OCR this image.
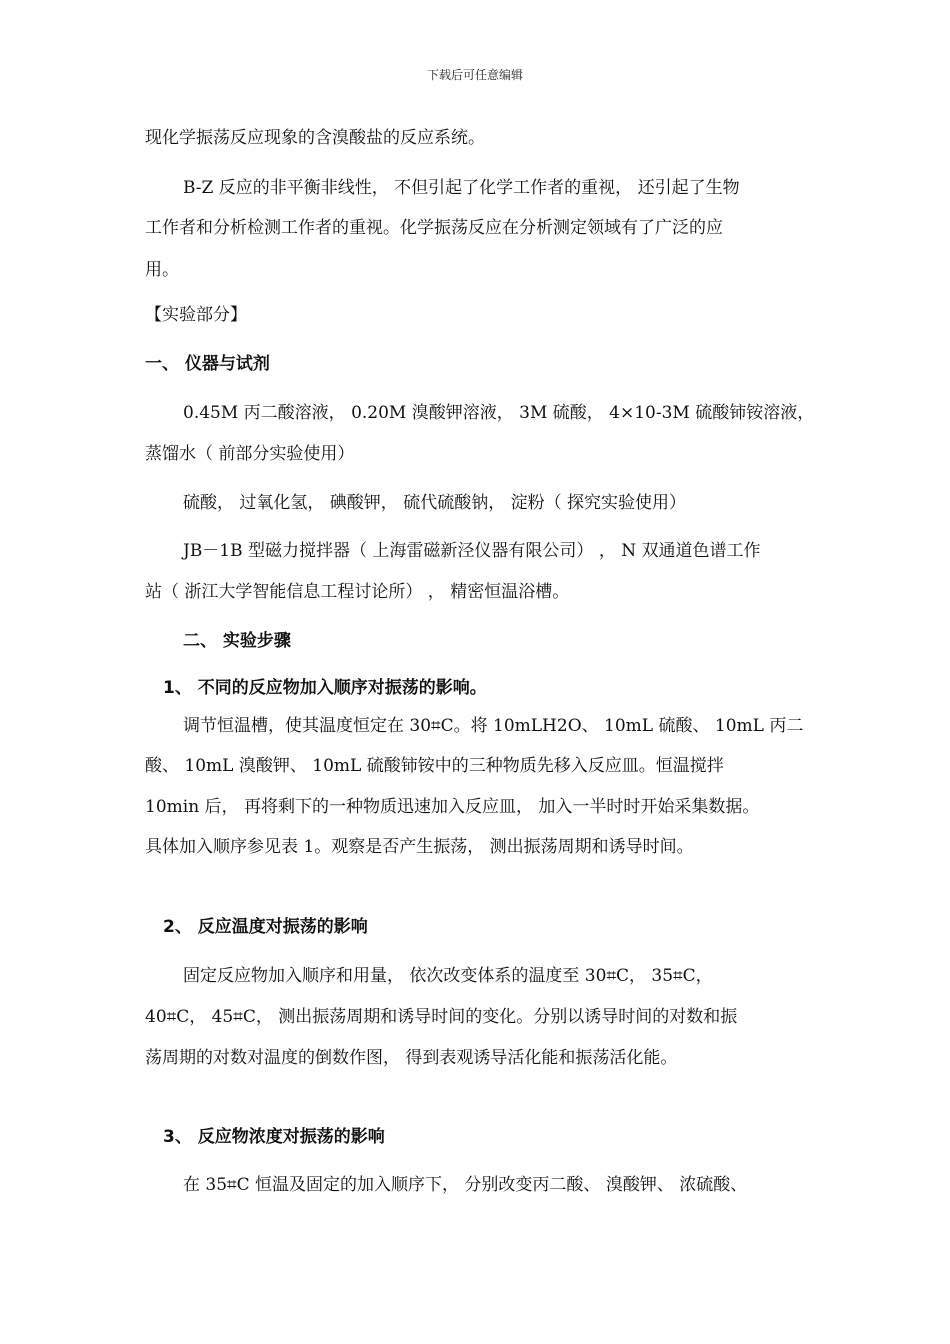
下载后可任意编辑
现化学振荡反应现象的含溴酸盐的反应系统。
B-Z 反应的非平衡非线性， 不但引起了化学工作者的重视， 还引起了生物
工作者和分析检测工作者的重视。化学振荡反应在分析测定领域有了广泛的应
用。
【实验部分】
一、 仪器与试剂
0.45M 丙二酸溶液， 0.20M 溴酸钾溶液， 3M 硫酸， 4×10-3M 硫酸铈铵溶液，
蒸馏水（ 前部分实验使用）
硫酸， 过氧化氢， 碘酸钾， 硫代硫酸钠， 淀粉（ 探究实验使用）
JB－1B 型磁力搅拌器（ 上海雷磁新泾仪器有限公司） ， N 双通道色谱工作
站（ 浙江大学智能信息工程讨论所） ， 精密恒温浴槽。
二、 实验步骤
1、 不同的反应物加入顺序对振荡的影响。
调节恒温槽，使其温度恒定在 30⌗C。将 10mLH2O、 10mL 硫酸、 10mL 丙二
酸、 10mL 溴酸钾、 10mL 硫酸铈铵中的三种物质先移入反应皿。恒温搅拌
10min 后， 再将剩下的一种物质迅速加入反应皿， 加入一半时时开始采集数据。
具体加入顺序参见表 1。观察是否产生振荡， 测出振荡周期和诱导时间。
2、 反应温度对振荡的影响
固定反应物加入顺序和用量， 依次改变体系的温度至 30⌗C， 35⌗C，
40⌗C， 45⌗C， 测出振荡周期和诱导时间的变化。分别以诱导时间的对数和振
荡周期的对数对温度的倒数作图， 得到表观诱导活化能和振荡活化能。
3、 反应物浓度对振荡的影响
在 35⌗C 恒温及固定的加入顺序下， 分别改变丙二酸、 溴酸钾、 浓硫酸、
